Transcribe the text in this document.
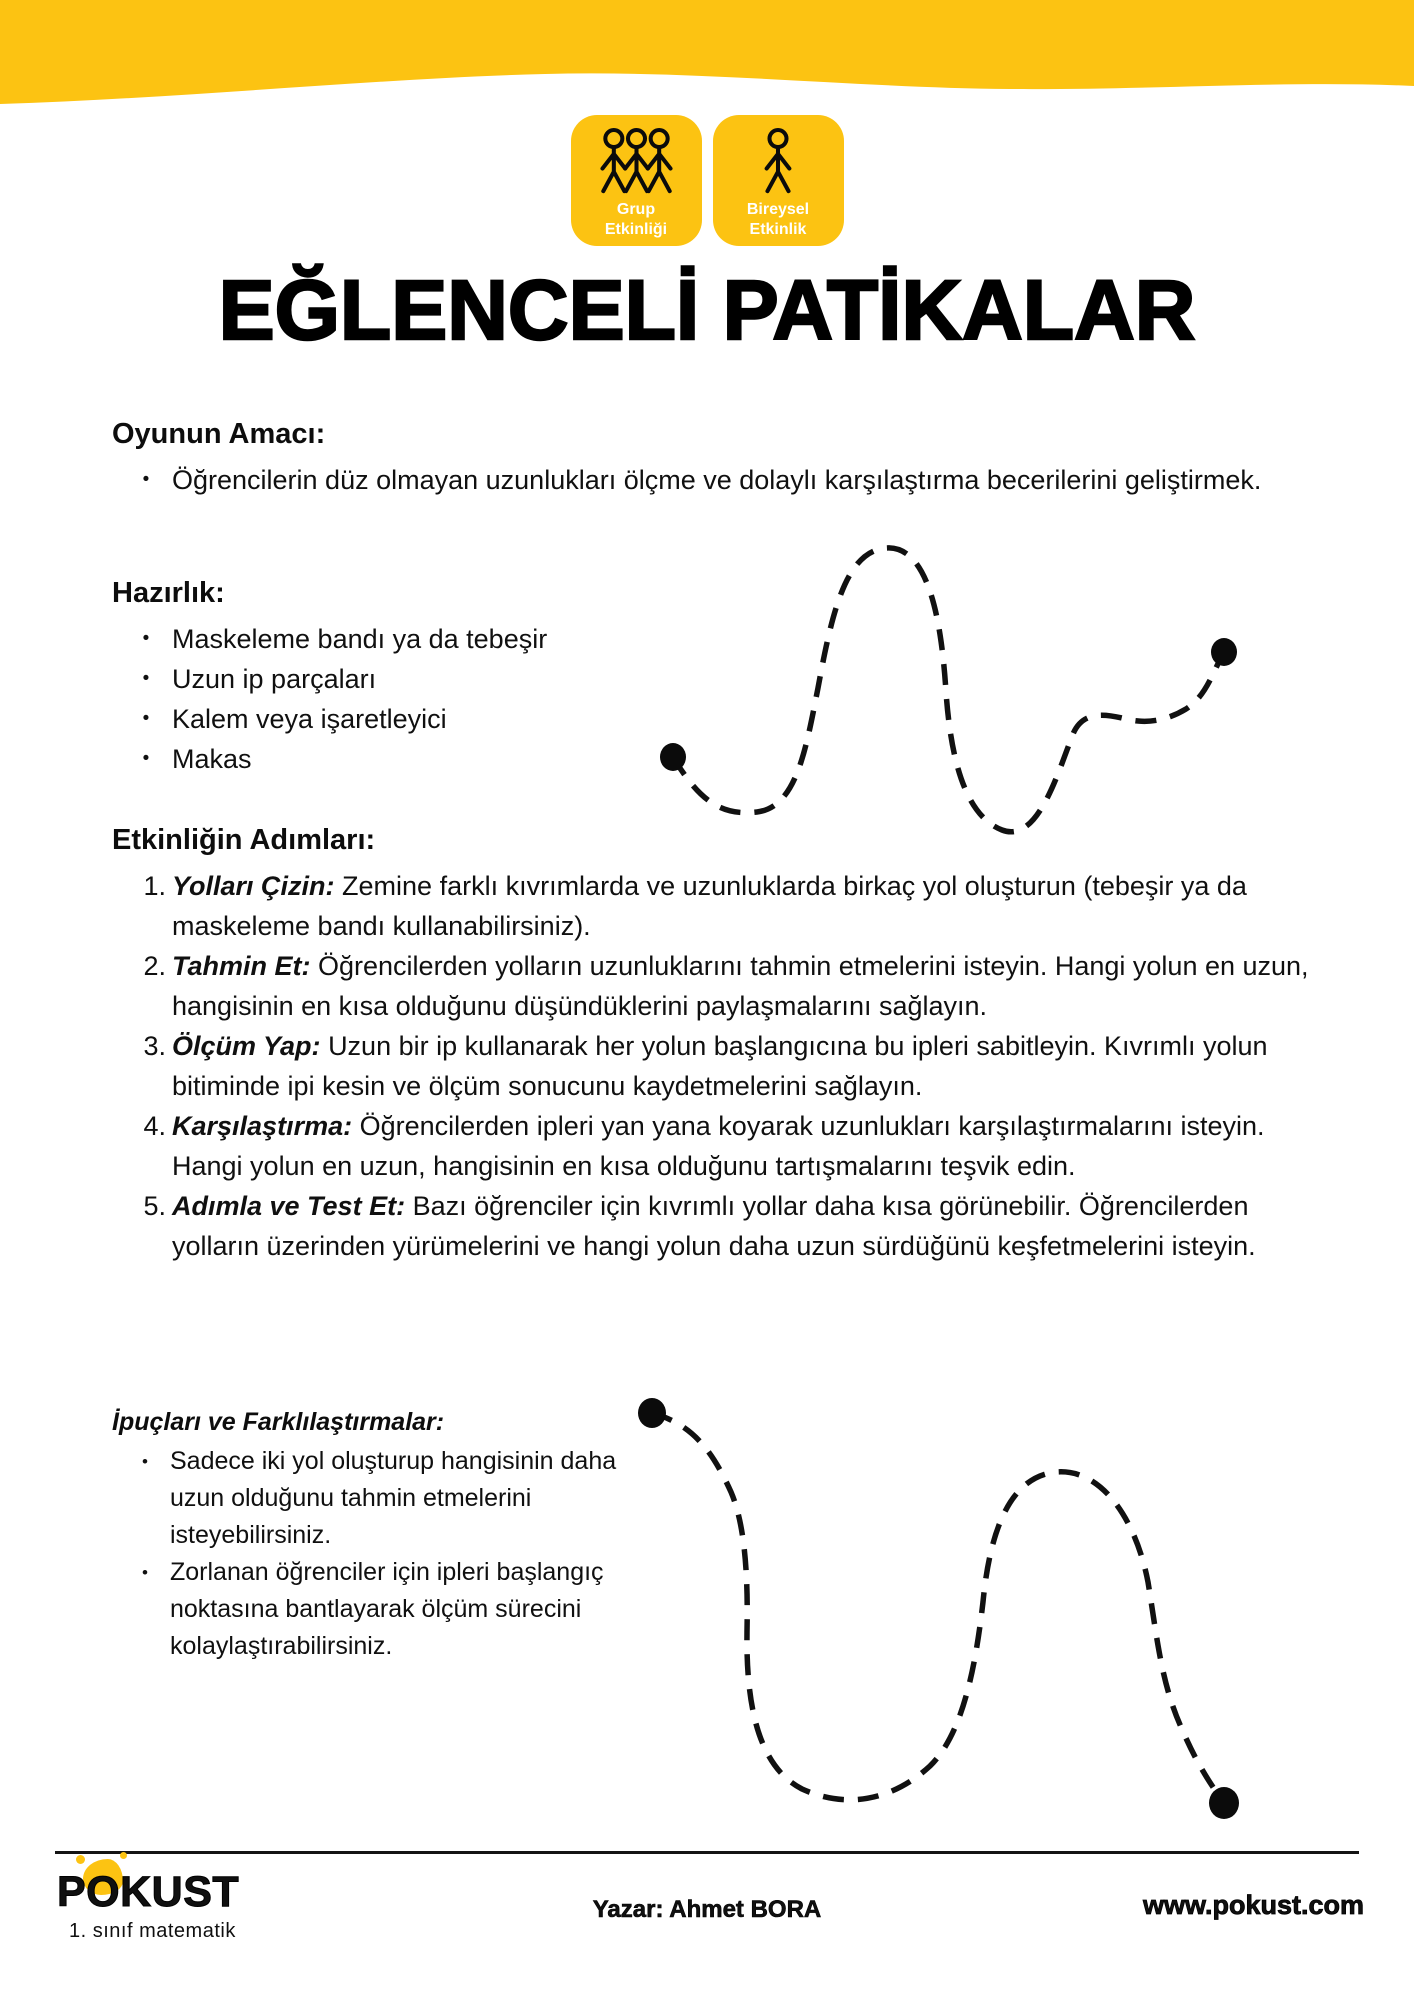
Grup
Etkinliği
Bireysel
Etkinlik
EĞLENCELİ PATİKALAR
Oyunun Amacı:
• Öğrencilerin düz olmayan uzunlukları ölçme ve dolaylı karşılaştırma becerilerini geliştirmek.

Hazırlık:
• Maskeleme bandı ya da tebeşir

• Uzun ip parçaları

• Kalem veya işaretleyici

• Makas

Etkinliğin Adımları:
1. Yolları Çizin: Zemine farklı kıvrımlarda ve uzunluklarda birkaç yol oluşturun (tebeşir ya da maskeleme bandı kullanabilirsiniz).

2. Tahmin Et: Öğrencilerden yolların uzunluklarını tahmin etmelerini isteyin. Hangi yolun en uzun, hangisinin en kısa olduğunu düşündüklerini paylaşmalarını sağlayın.

3. Ölçüm Yap: Uzun bir ip kullanarak her yolun başlangıcına bu ipleri sabitleyin. Kıvrımlı yolun bitiminde ipi kesin ve ölçüm sonucunu kaydetmelerini sağlayın.

4. Karşılaştırma: Öğrencilerden ipleri yan yana koyarak uzunlukları karşılaştırmalarını isteyin. Hangi yolun en uzun, hangisinin en kısa olduğunu tartışmalarını teşvik edin.

5. Adımla ve Test Et: Bazı öğrenciler için kıvrımlı yollar daha kısa görünebilir. Öğrencilerden yolların üzerinden yürümelerini ve hangi yolun daha uzun sürdüğünü keşfetmelerini isteyin.

İpuçları ve Farklılaştırmalar:
• Sadece iki yol oluşturup hangisinin daha uzun olduğunu tahmin etmelerini isteyebilirsiniz.

• Zorlanan öğrenciler için ipleri başlangıç noktasına bantlayarak ölçüm sürecini kolaylaştırabilirsiniz.

POKUST
1. sınıf matematik
Yazar: Ahmet BORA	www.pokust.com
